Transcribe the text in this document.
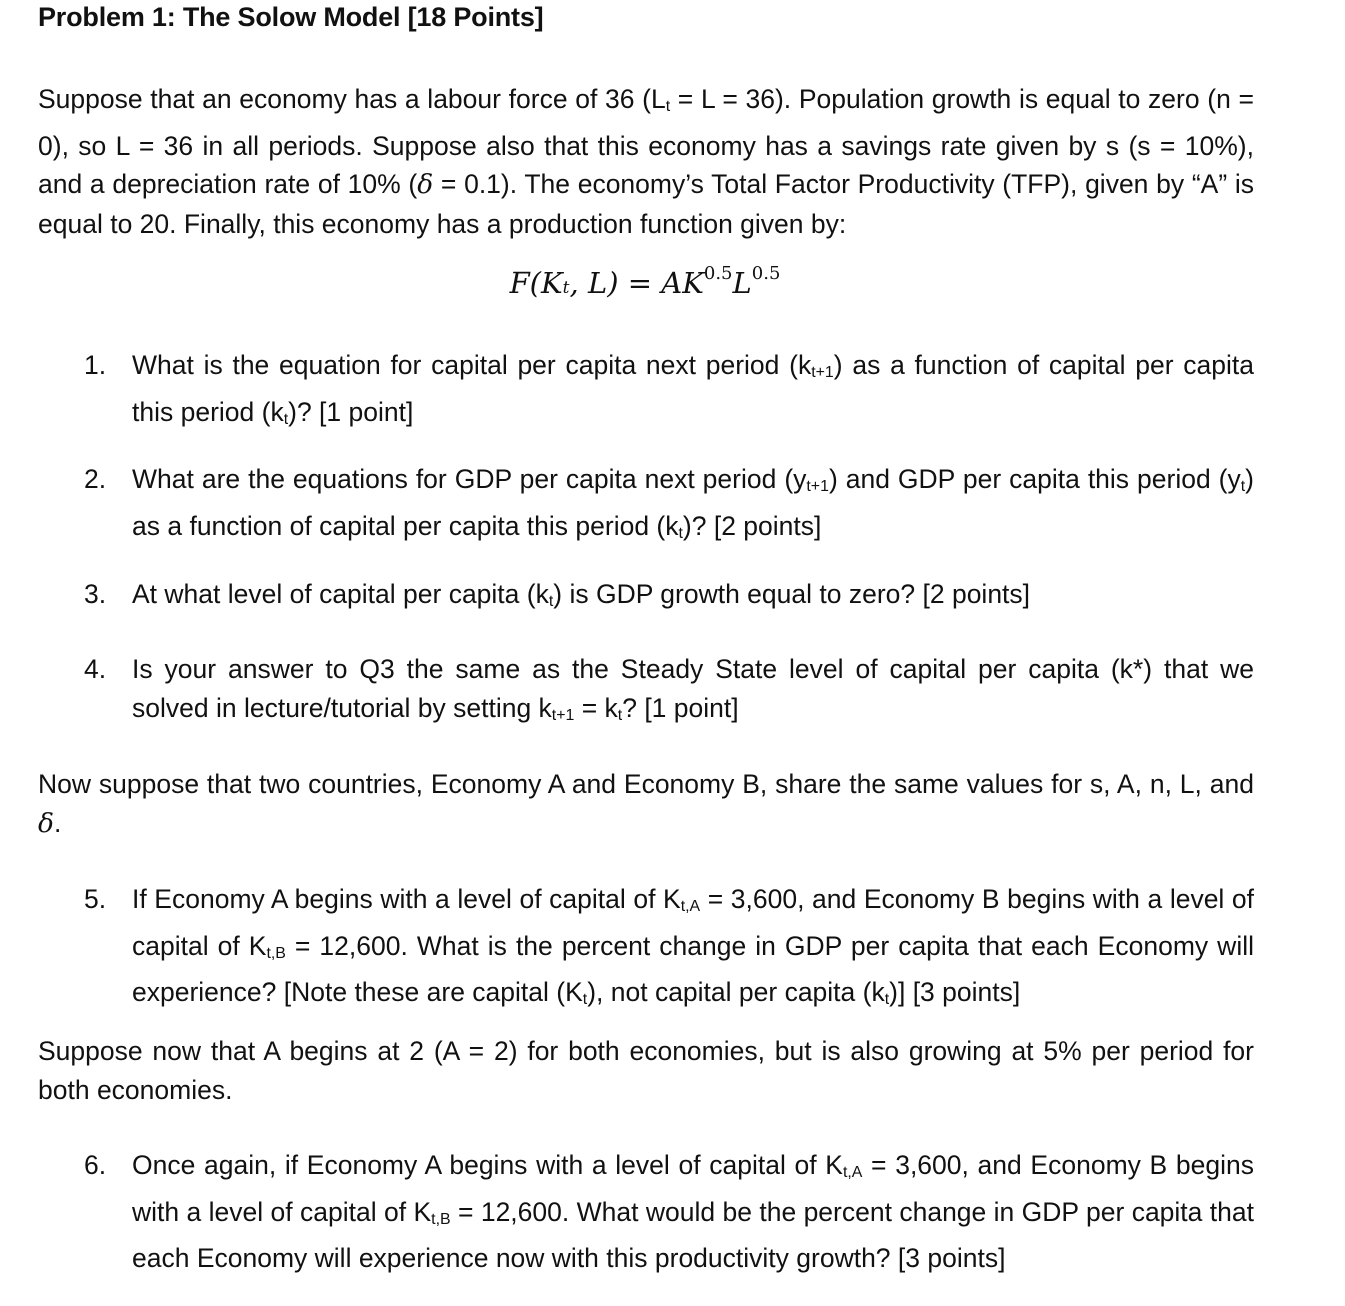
Problem 1: The Solow Model [18 Points]
Suppose that an economy has a labour force of 36 $(L_t = L = 36)$. Population growth is equal to zero (n = 0), so L = 36 in all periods. Suppose also that this economy has a savings rate given by s (s = 10%), and a depreciation rate of 10% (δ = 0.1). The economy’s Total Factor Productivity (TFP), given by “A” is equal to 20. Finally, this economy has a production function given by:
F(Kt, $L) = AK^{0.5}L^{0.5}$
1. What is the equation for capital per capita next period $(k_{t+1})$ as a function of capital per capita this period $(k_t)$? [1 point]
2. What are the equations for GDP per capita next period $(y_{t+1})$ and GDP per capita this period $(y_t)$ as a function of capital per capita this period $(k_t)$? [2 points]
3. At what level of capital per capita $(k_t)$ is GDP growth equal to zero? [2 points]
4. Is your answer to Q3 the same as the Steady State level of capital per capita (k*) that we solved in lecture/tutorial by setting $k_{t+1} = k_t$? [1 point]
Now suppose that two countries, Economy A and Economy B, share the same values for s, A, n, L, and δ.
5. If Economy A begins with a level of capital of $K_{t,A} = 3,600$, and Economy B begins with a level of capital of $K_{t,B} = 12,600$. What is the percent change in GDP per capita that each Economy will experience? [Note these are capital $(K_t)$, not capital per capita $(k_t)$] [3 points]
Suppose now that A begins at 2 (A = 2) for both economies, but is also growing at 5% per period for both economies.
6. Once again, if Economy A begins with a level of capital of $K_{t,A} = 3,600$, and Economy B begins with a level of capital of $K_{t,B} = 12,600$. What would be the percent change in GDP per capita that each Economy will experience now with this productivity growth? [3 points]
